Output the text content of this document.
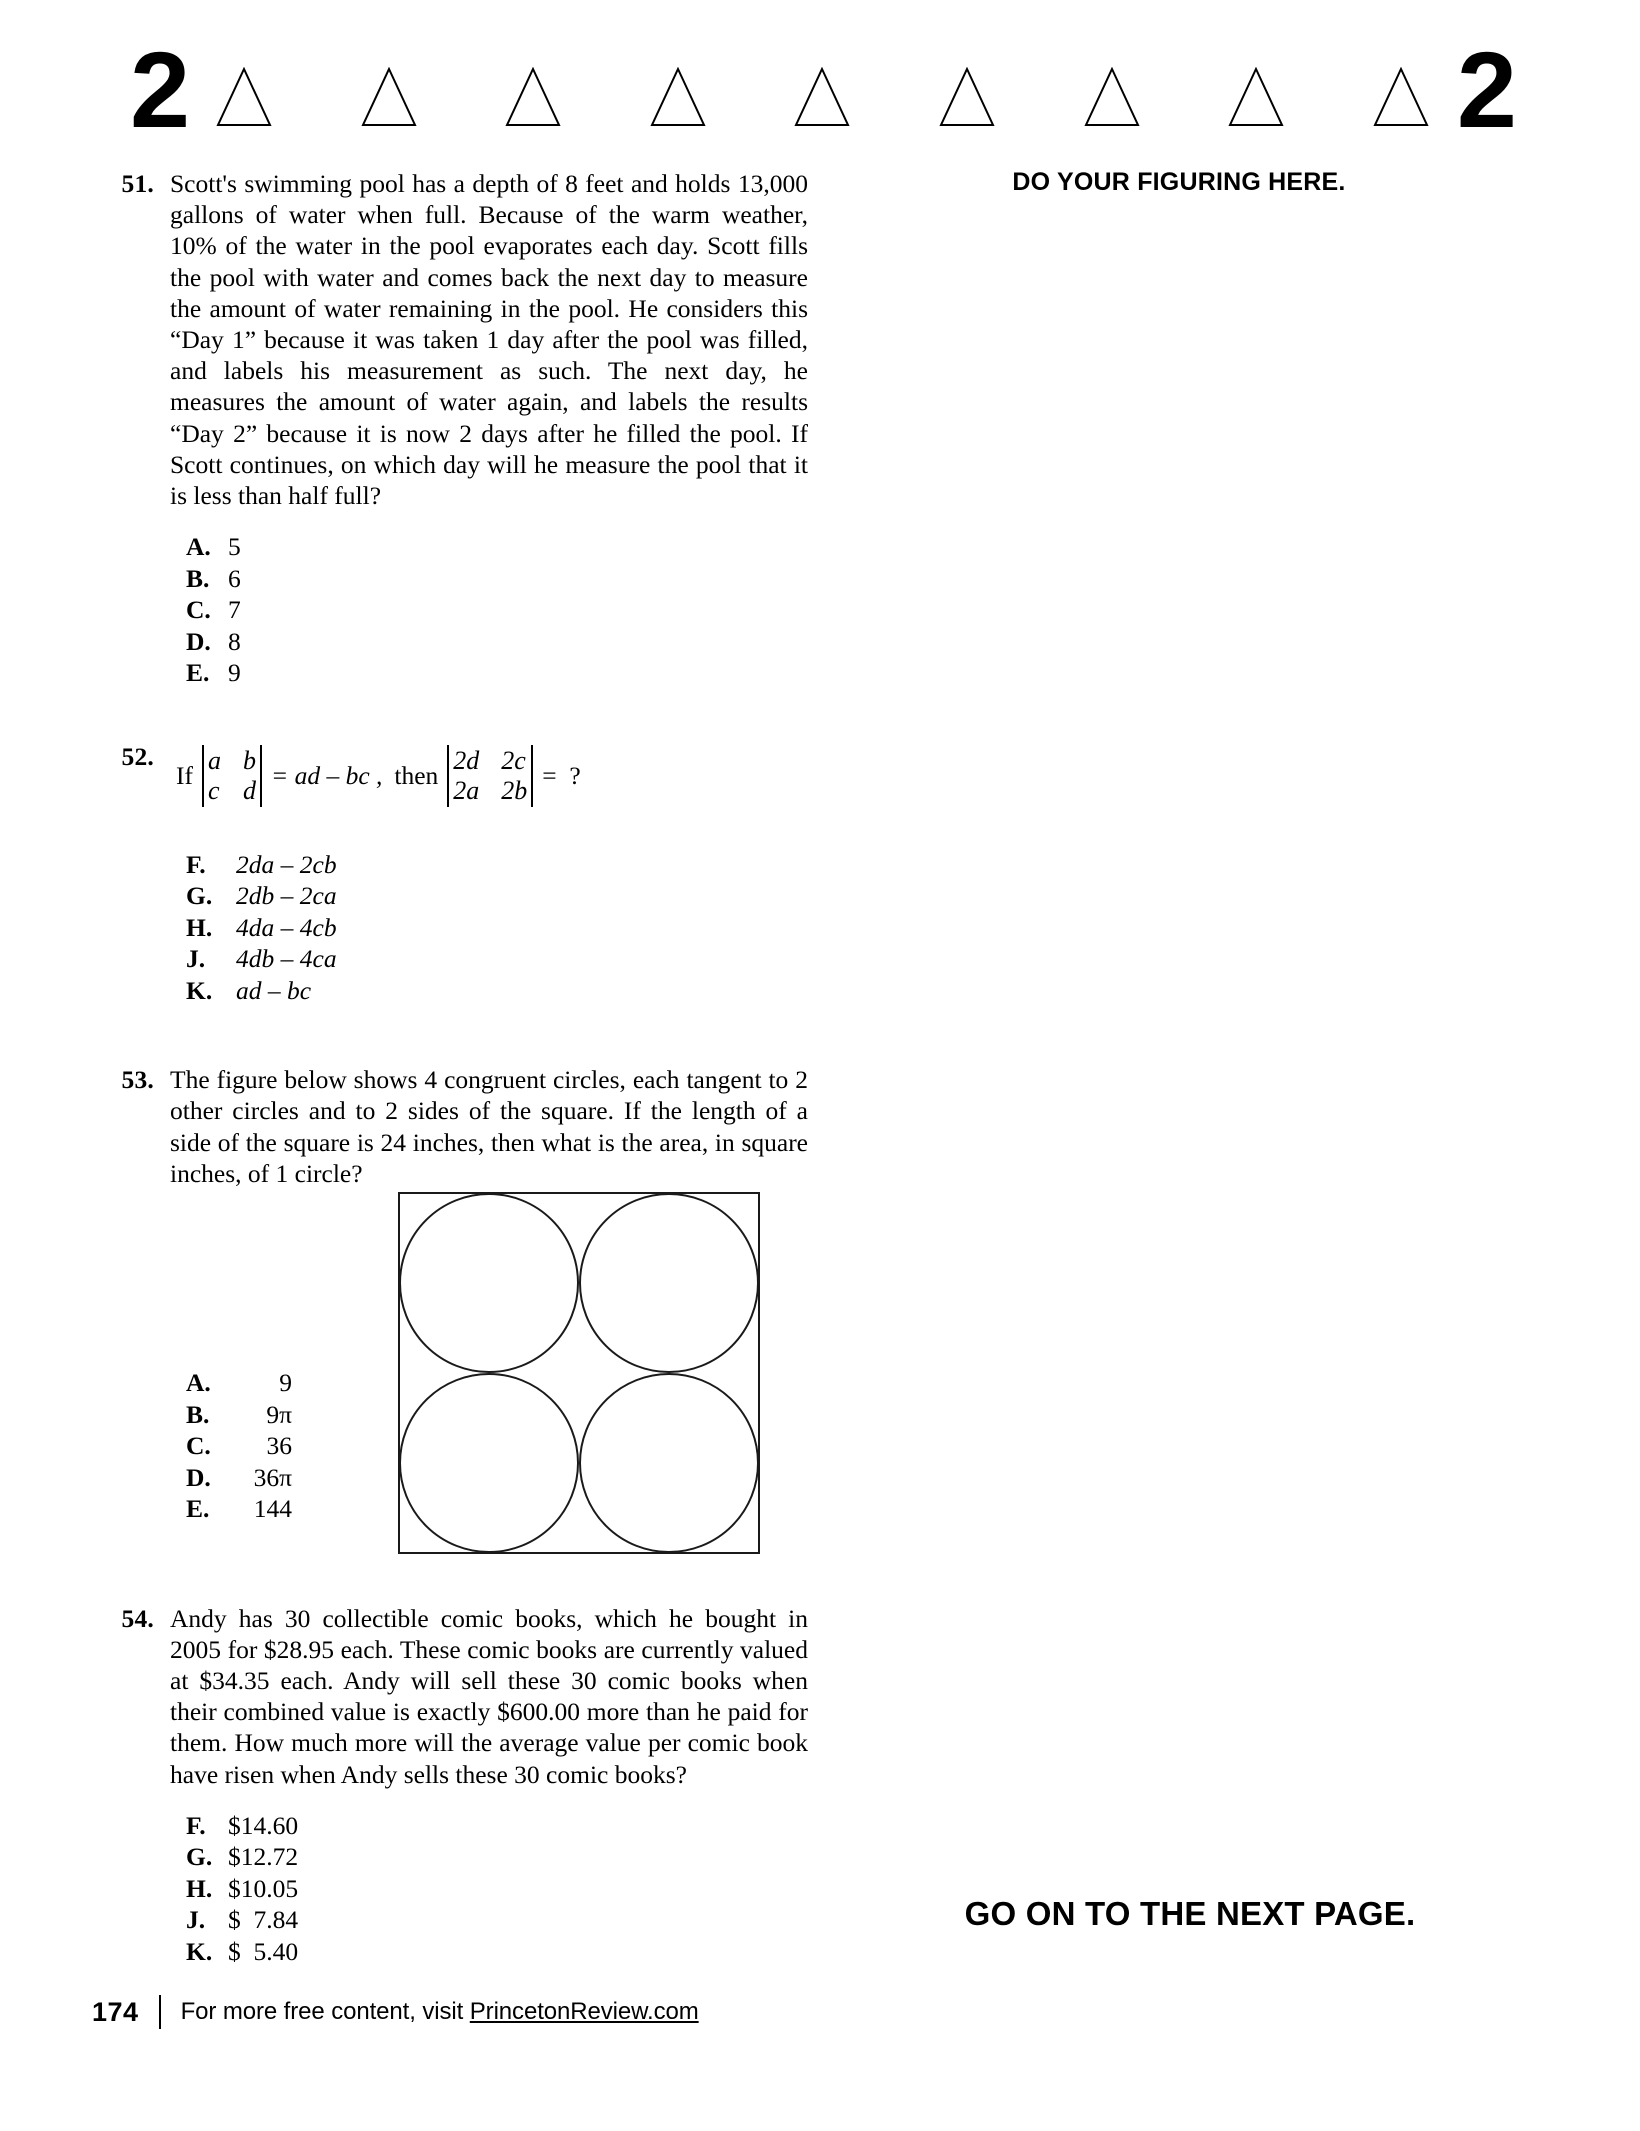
2	2
DO YOUR FIGURING HERE.
GO ON TO THE NEXT PAGE.
51. Scott's swimming pool has a depth of 8 feet and holds 13,000 gallons of water when full. Because of the warm weather, 10% of the water in the pool evaporates each day. Scott fills the pool with water and comes back the next day to measure the amount of water remaining in the pool. He considers this “Day 1” because it was taken 1 day after the pool was filled, and labels his measurement as such. The next day, he measures the amount of water again, and labels the results “Day 2” because it is now 2 days after he filled the pool. If Scott continues, on which day will he measure the pool that it is less than half full?
A. 5
B. 6
C. 7
D. 8
E. 9
52.
If
a b
c d
= ad – bc , then
2d 2c
2a 2b
=  ?
F.	2da – 2cb
G. 2db – 2ca
H. 4da – 4cb
J.	4db – 4ca
K. ad – bc
53. The figure below shows 4 congruent circles, each tangent to 2 other circles and to 2 sides of the square. If the length of a side of the square is 24 inches, then what is the area, in square inches, of 1 circle?
A.	9
B.	9π
C.	36
D.	36π
E.	144
54. Andy has 30 collectible comic books, which he bought in 2005 for $28.95 each. These comic books are currently valued at $34.35 each. Andy will sell these 30 comic books when their combined value is exactly $600.00 more than he paid for them. How much more will the average value per comic book have risen when Andy sells these 30 comic books?
F. $14.60
G. $12.72
H. $10.05
J. $  7.84
K. $  5.40
174 For more free content, visit PrincetonReview.com
